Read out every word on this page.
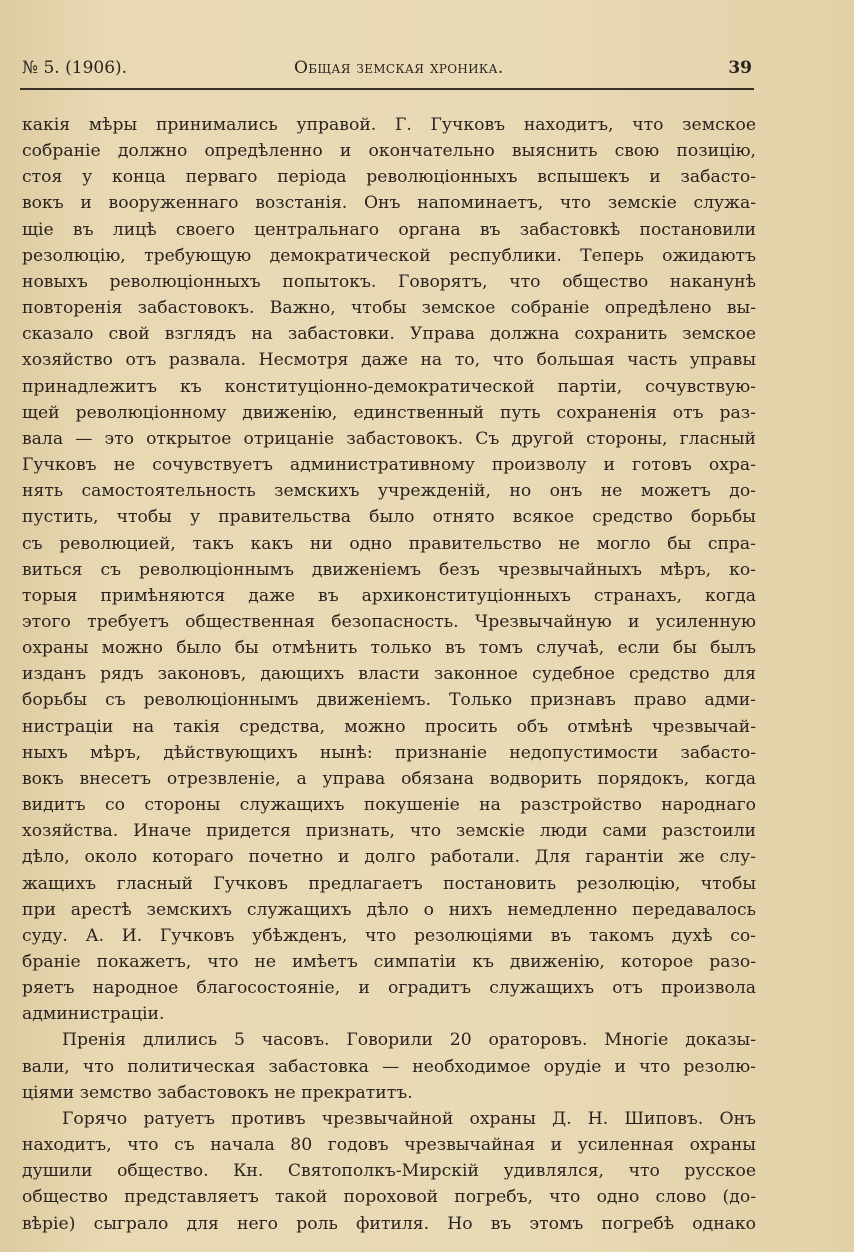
№ 5. (1906).	Общая земская хроника.	39
какія мѣры принимались управой. Г. Гучковъ находитъ, что земское
собраніе должно опредѣленно и окончательно выяснить свою позицію,
стоя у конца перваго періода революціонныхъ вспышекъ и забасто-
вокъ и вооруженнаго возстанія. Онъ напоминаетъ, что земскіе служа-
щіе въ лицѣ своего центральнаго органа въ забастовкѣ постановили
резолюцію, требующую демократической республики. Теперь ожидаютъ
новыхъ революціонныхъ попытокъ. Говорятъ, что общество наканунѣ
повторенія забастовокъ. Важно, чтобы земское собраніе опредѣлено вы-
сказало свой взглядъ на забастовки. Управа должна сохранить земское
хозяйство отъ развала. Несмотря даже на то, что большая часть управы
принадлежитъ къ конституціонно-демократической партіи, сочувствую-
щей революціонному движенію, единственный путь сохраненія отъ раз-
вала — это открытое отрицаніе забастовокъ. Съ другой стороны, гласный
Гучковъ не сочувствуетъ административному произволу и готовъ охра-
нять самостоятельность земскихъ учрежденій, но онъ не можетъ до-
пустить, чтобы у правительства было отнято всякое средство борьбы
съ революцией, такъ какъ ни одно правительство не могло бы спра-
виться съ революціоннымъ движеніемъ безъ чрезвычайныхъ мѣръ, ко-
торыя примѣняются даже въ архиконституціонныхъ странахъ, когда
этого требуетъ общественная безопасность. Чрезвычайную и усиленную
охраны можно было бы отмѣнить только въ томъ случаѣ, если бы былъ
изданъ рядъ законовъ, дающихъ власти законное судебное средство для
борьбы съ революціоннымъ движеніемъ. Только признавъ право адми-
нистраціи на такія средства, можно просить объ отмѣнѣ чрезвычай-
ныхъ мѣръ, дѣйствующихъ нынѣ: признаніе недопустимости забасто-
вокъ внесетъ отрезвленіе, а управа обязана водворить порядокъ, когда
видитъ со стороны служащихъ покушеніе на разстройство народнаго
хозяйства. Иначе придется признать, что земскіе люди сами разстоили
дѣло, около котораго почетно и долго работали. Для гарантіи же слу-
жащихъ гласный Гучковъ предлагаетъ постановить резолюцію, чтобы
при арестѣ земскихъ служащихъ дѣло о нихъ немедленно передавалось
суду. А. И. Гучковъ убѣжденъ, что резолюціями въ такомъ духѣ со-
браніе покажетъ, что не имѣетъ симпатіи къ движенію, которое разо-
ряетъ народное благосостояніе, и оградитъ служащихъ отъ произвола
администраціи.
Пренія длились 5 часовъ. Говорили 20 ораторовъ. Многіе доказы-
вали, что политическая забастовка — необходимое орудіе и что резолю-
ціями земство забастовокъ не прекратитъ.
Горячо ратуетъ противъ чрезвычайной охраны Д. Н. Шиповъ. Онъ
находитъ, что съ начала 80 годовъ чрезвычайная и усиленная охраны
душили общество. Кн. Святополкъ-Мирскій удивлялся, что русское
общество представляетъ такой пороховой погребъ, что одно слово (до-
вѣріе) сыграло для него роль фитиля. Но въ этомъ погребѣ однако
